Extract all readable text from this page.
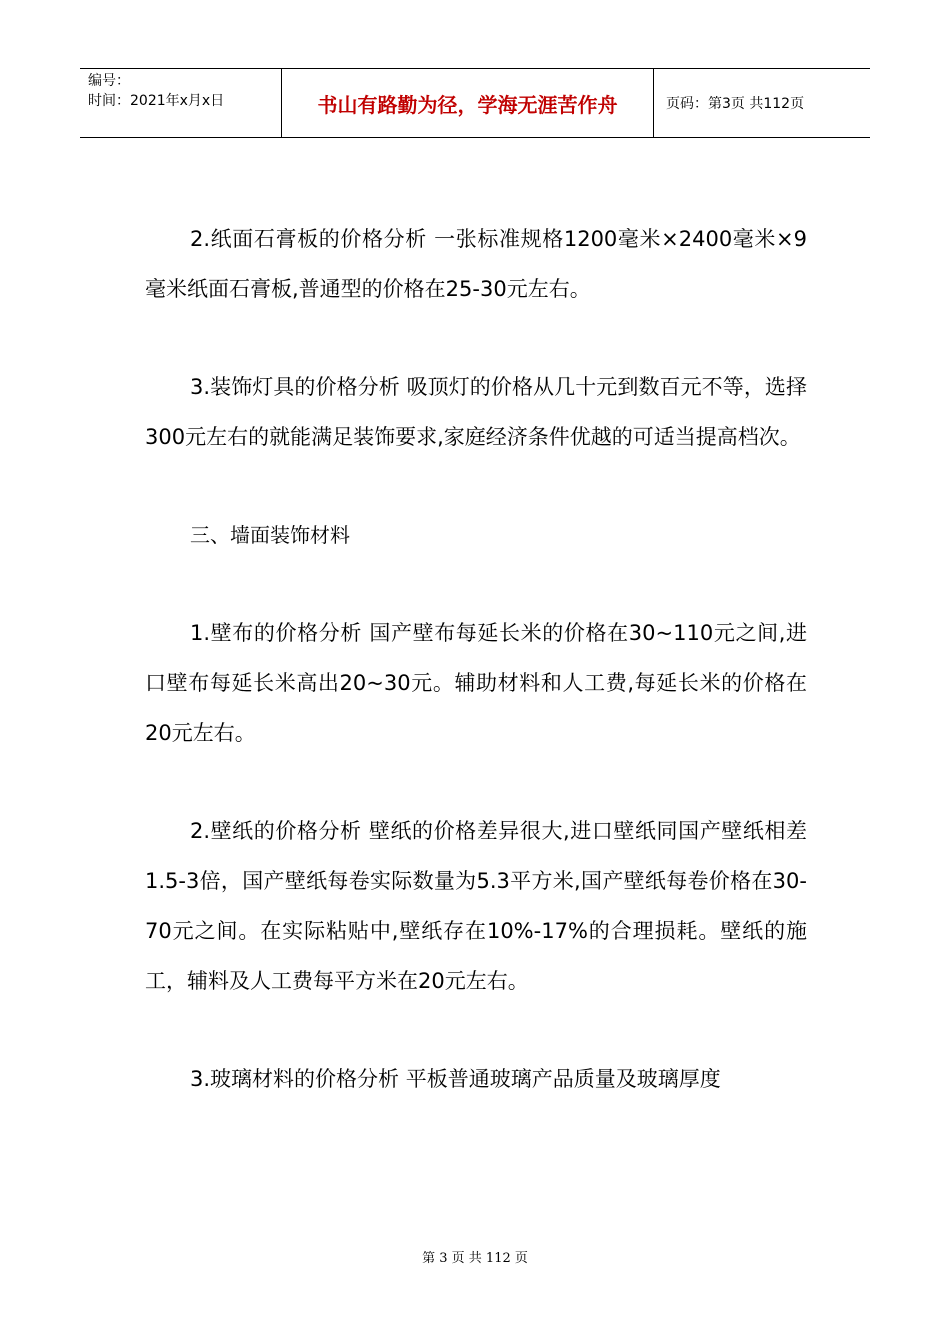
编号：
时间：2021年x月x日	书山有路勤为径，学海无涯苦作舟	页码：第3页 共112页

2.纸面石膏板的价格分析 一张标准规格1200毫米×2400毫米×9毫米纸面石膏板,普通型的价格在25-30元左右。

3.装饰灯具的价格分析 吸顶灯的价格从几十元到数百元不等，选择300元左右的就能满足装饰要求,家庭经济条件优越的可适当提高档次。

三、墙面装饰材料

1.壁布的价格分析 国产壁布每延长米的价格在30~110元之间,进口壁布每延长米高出20~30元。辅助材料和人工费,每延长米的价格在20元左右。

2.壁纸的价格分析 壁纸的价格差异很大,进口壁纸同国产壁纸相差1.5-3倍，国产壁纸每卷实际数量为5.3平方米,国产壁纸每卷价格在30-70元之间。在实际粘贴中,壁纸存在10%-17%的合理损耗。壁纸的施工，辅料及人工费每平方米在20元左右。

3.玻璃材料的价格分析 平板普通玻璃产品质量及玻璃厚度

第 3 页 共 112 页
